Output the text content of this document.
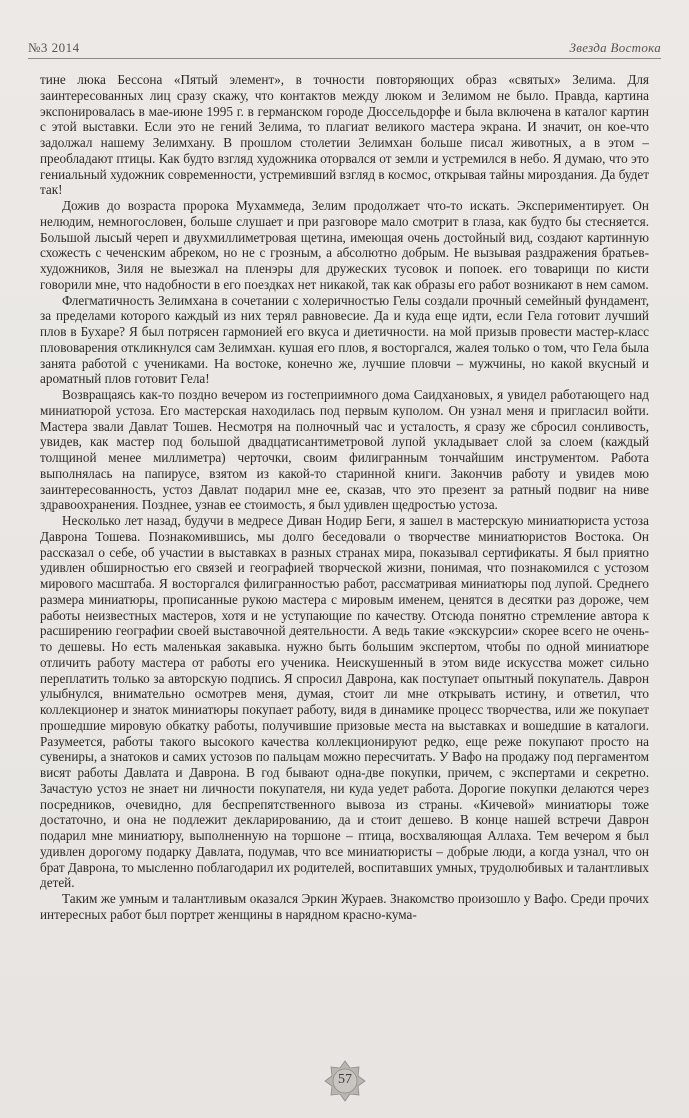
№3 2014	Звезда Востока

тине люка Бессона «Пятый элемент», в точности повторяющих образ «святых» Зелима. Для заинтересованных лиц сразу скажу, что контактов между люком и Зелимом не было. Правда, картина экспонировалась в мае-июне 1995 г. в германском городе Дюссельдорфе и была включена в каталог картин с этой выставки. Если это не гений Зелима, то плагиат великого мастера экрана. И значит, он кое-что задолжал нашему Зелимхану. В прошлом столетии Зелимхан больше писал животных, а в этом – преобладают птицы. Как будто взгляд художника оторвался от земли и устремился в небо. Я думаю, что это гениальный художник современности, устремивший взгляд в космос, открывая тайны мироздания. Да будет так!

Дожив до возраста пророка Мухаммеда, Зелим продолжает что-то искать. Экспериментирует. Он нелюдим, немногословен, больше слушает и при разговоре мало смотрит в глаза, как будто бы стесняется. Большой лысый череп и двухмиллиметровая щетина, имеющая очень достойный вид, создают картинную схожесть с чеченским абреком, но не с грозным, а абсолютно добрым. Не вызывая раздражения братьев-художников, Зиля не выезжал на пленэры для дружеских тусовок и попоек. его товарищи по кисти говорили мне, что надобности в его поездках нет никакой, так как образы его работ возникают в нем самом.

Флегматичность Зелимхана в сочетании с холеричностью Гелы создали прочный семейный фундамент, за пределами которого каждый из них терял равновесие. Да и куда еще идти, если Гела готовит лучший плов в Бухаре? Я был потрясен гармонией его вкуса и диетичности. на мой призыв провести мастер-класс плововарения откликнулся сам Зелимхан. кушая его плов, я восторгался, жалея только о том, что Гела была занята работой с учениками. На востоке, конечно же, лучшие пловчи – мужчины, но какой вкусный и ароматный плов готовит Гела!

Возвращаясь как-то поздно вечером из гостеприимного дома Саидхановых, я увидел работающего над миниатюрой устоза. Его мастерская находилась под первым куполом. Он узнал меня и пригласил войти. Мастера звали Давлат Тошев. Несмотря на полночный час и усталость, я сразу же сбросил сонливость, увидев, как мастер под большой двадцатисантиметровой лупой укладывает слой за слоем (каждый толщиной менее миллиметра) черточки, своим филигранным тончайшим инструментом. Работа выполнялась на папирусе, взятом из какой-то старинной книги. Закончив работу и увидев мою заинтересованность, устоз Давлат подарил мне ее, сказав, что это презент за ратный подвиг на ниве здравоохранения. Позднее, узнав ее стоимость, я был удивлен щедростью устоза.

Несколько лет назад, будучи в медресе Диван Нодир Беги, я зашел в мастерскую миниатюриста устоза Даврона Тошева. Познакомившись, мы долго беседовали о творчестве миниатюристов Востока. Он рассказал о себе, об участии в выставках в разных странах мира, показывал сертификаты. Я был приятно удивлен обширностью его связей и географией творческой жизни, понимая, что познакомился с устозом мирового масштаба. Я восторгался филигранностью работ, рассматривая миниатюры под лупой. Среднего размера миниатюры, прописанные рукою мастера с мировым именем, ценятся в десятки раз дороже, чем работы неизвестных мастеров, хотя и не уступающие по качеству. Отсюда понятно стремление автора к расширению географии своей выставочной деятельности. А ведь такие «экскурсии» скорее всего не очень-то дешевы. Но есть маленькая закавыка. нужно быть большим экспертом, чтобы по одной миниатюре отличить работу мастера от работы его ученика. Неискушенный в этом виде искусства может сильно переплатить только за авторскую подпись. Я спросил Даврона, как поступает опытный покупатель. Даврон улыбнулся, внимательно осмотрев меня, думая, стоит ли мне открывать истину, и ответил, что коллекционер и знаток миниатюры покупает работу, видя в динамике процесс творчества, или же покупает прошедшие мировую обкатку работы, получившие призовые места на выставках и вошедшие в каталоги. Разумеется, работы такого высокого качества коллекционируют редко, еще реже покупают просто на сувениры, а знатоков и самих устозов по пальцам можно пересчитать. У Вафо на продажу под пергаментом висят работы Давлата и Даврона. В год бывают одна-две покупки, причем, с экспертами и секретно. Зачастую устоз не знает ни личности покупателя, ни куда уедет работа. Дорогие покупки делаются через посредников, очевидно, для беспрепятственного вывоза из страны. «Кичевой» миниатюры тоже достаточно, и она не подлежит декларированию, да и стоит дешево. В конце нашей встречи Даврон подарил мне миниатюру, выполненную на торшоне – птица, восхваляющая Аллаха. Тем вечером я был удивлен дорогому подарку Давлата, подумав, что все миниатюристы – добрые люди, а когда узнал, что он брат Даврона, то мысленно поблагодарил их родителей, воспитавших умных, трудолюбивых и талантливых детей.

Таким же умным и талантливым оказался Эркин Жураев. Знакомство произошло у Вафо. Среди прочих интересных работ был портрет женщины в нарядном красно-кума-

57
